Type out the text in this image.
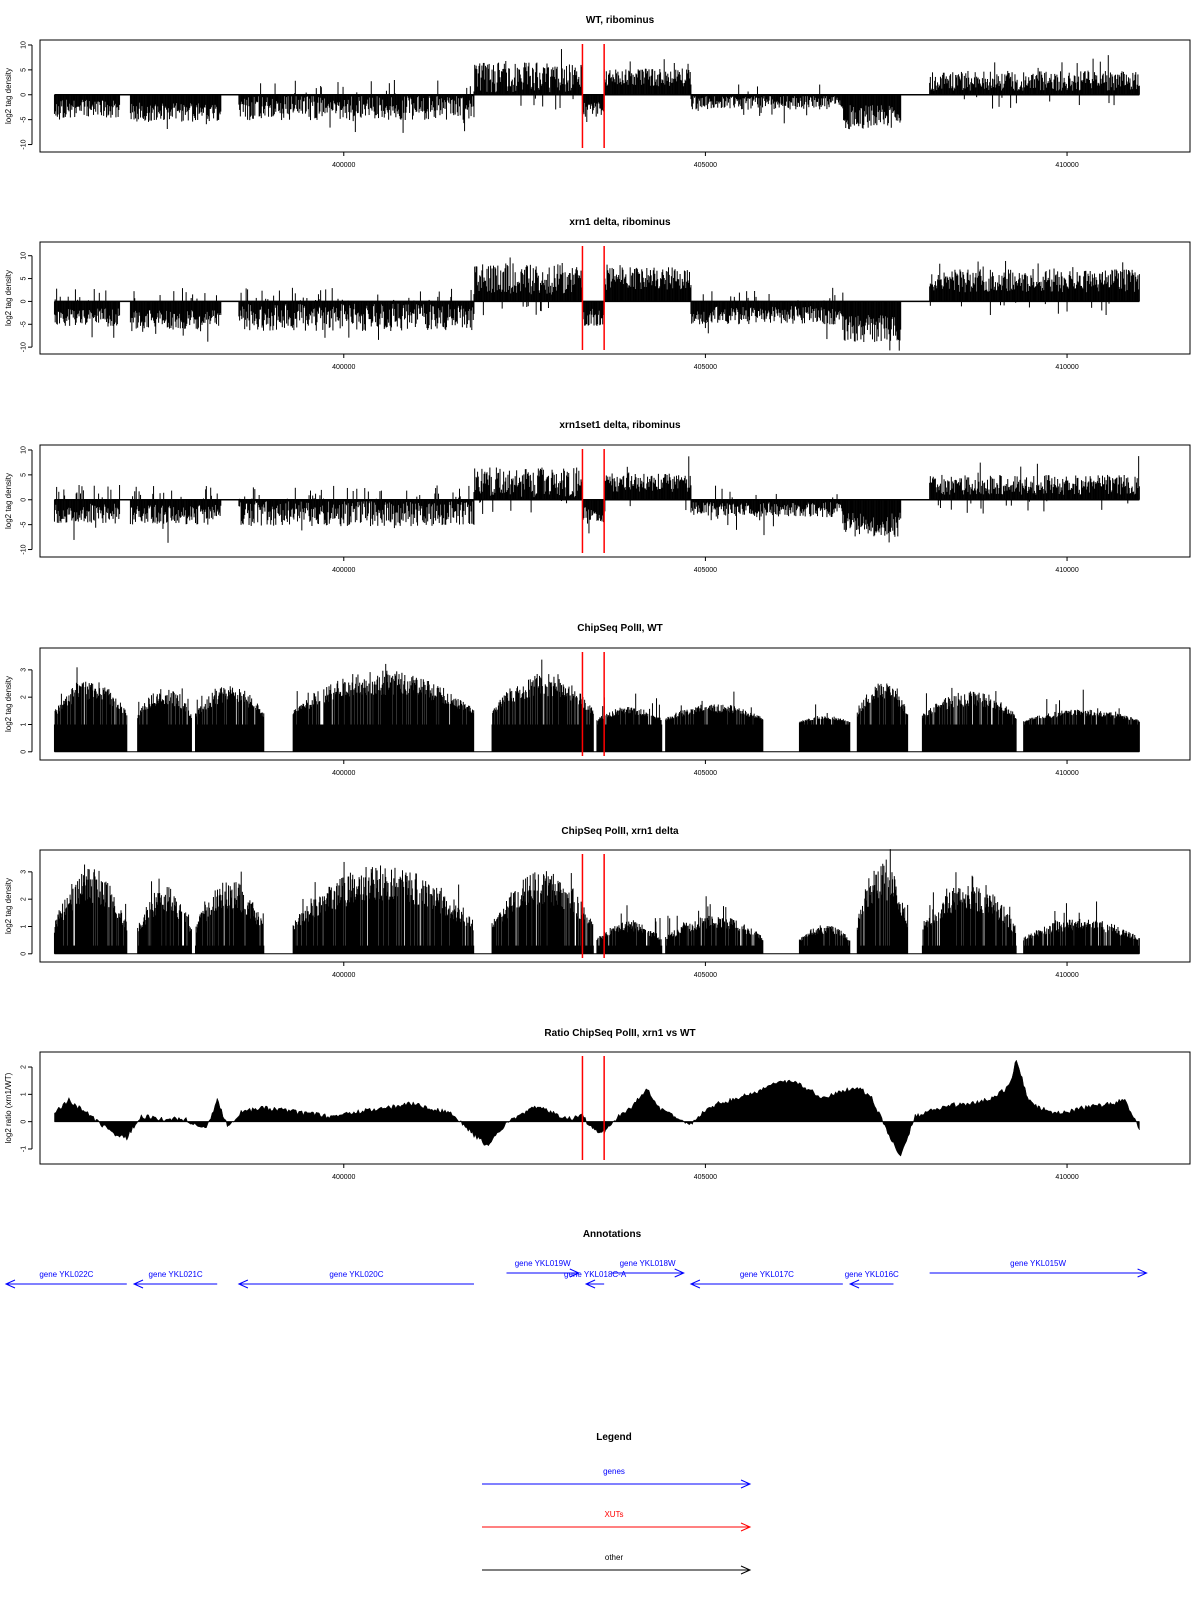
WT, ribominus
log2 tag density
-10
-5
0
5
10
400000	405000	410000
xrn1 delta, ribominus
log2 tag density
-10
-5
0
5
10
400000	405000	410000
xrn1set1 delta, ribominus
log2 tag density
-10
-5
0
5
10
400000	405000	410000
ChipSeq PolII, WT
log2 tag density
0
1
2
3
400000	405000	410000
ChipSeq PolII, xrn1 delta
log2 tag density
0
1
2
3
400000	405000	410000
Ratio ChipSeq PolII, xrn1 vs WT
log2 ratio (xrn1/WT)
-1
0
1
2
400000	405000	410000
Annotations
gene YKL022C	gene YKL021C	gene YKL020C
gene YKL019W
gene YKL018C-A
gene YKL018W
gene YKL017C	gene YKL016C
gene YKL015W
Legend
genes
XUTs
other
